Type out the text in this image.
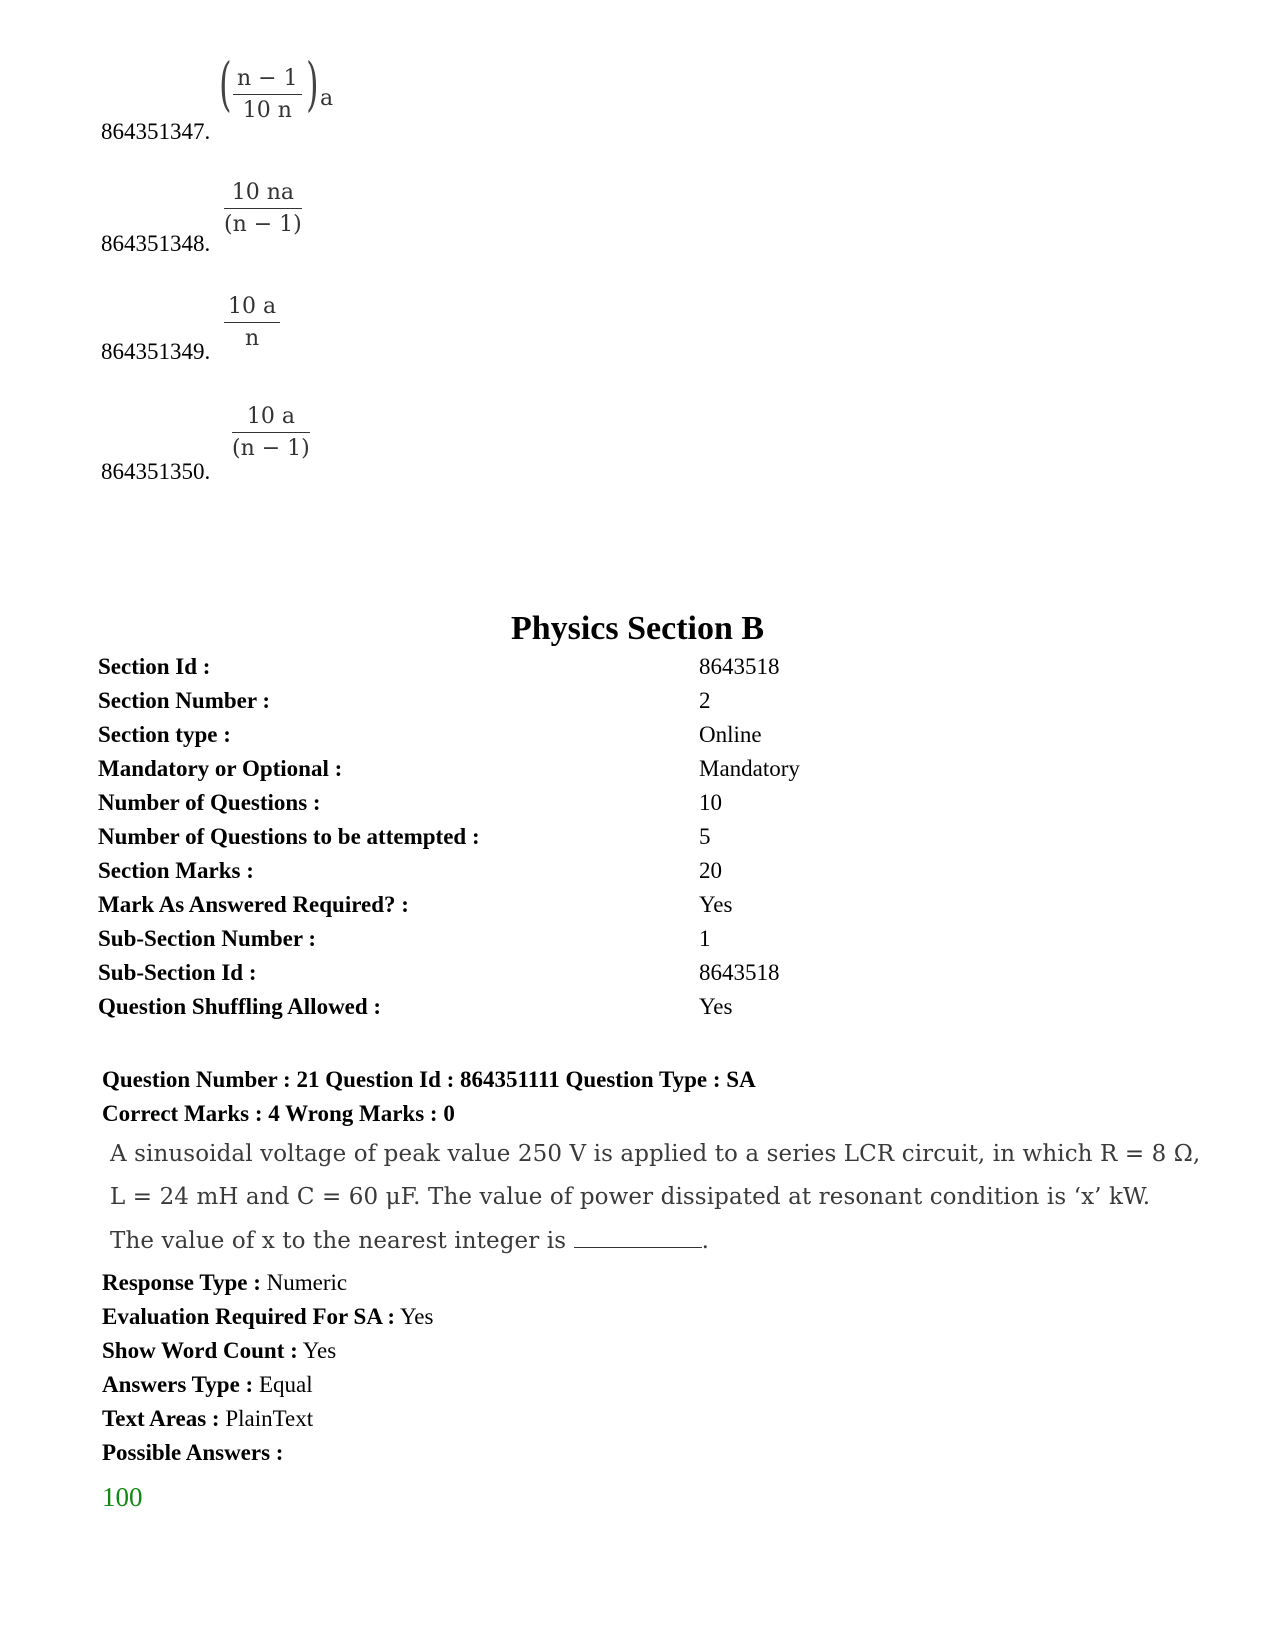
864351347.
( $\frac{n - 1}{10 n}$ ) a
864351348.
$\frac{10 na}{(n - 1)}$
864351349.
$\frac{10 a}{n}$
864351350.
$\frac{10 a}{(n - 1)}$
Physics Section B
Section Id :	8643518
Section Number :	2
Section type :	Online
Mandatory or Optional :	Mandatory
Number of Questions :	10
Number of Questions to be attempted :	5
Section Marks :	20
Mark As Answered Required? :	Yes
Sub-Section Number :	1
Sub-Section Id :	8643518
Question Shuffling Allowed :	Yes
Question Number : 21 Question Id : 864351111 Question Type : SA
Correct Marks : 4 Wrong Marks : 0
A sinusoidal voltage of peak value 250 V is applied to a series LCR circuit, in which R = 8 Ω,
L = 24 mH and C = 60 μF. The value of power dissipated at resonant condition is ‘x’ kW.
The value of x to the nearest integer is	.
Response Type : Numeric
Evaluation Required For SA : Yes
Show Word Count : Yes
Answers Type : Equal
Text Areas : PlainText
Possible Answers :
100
